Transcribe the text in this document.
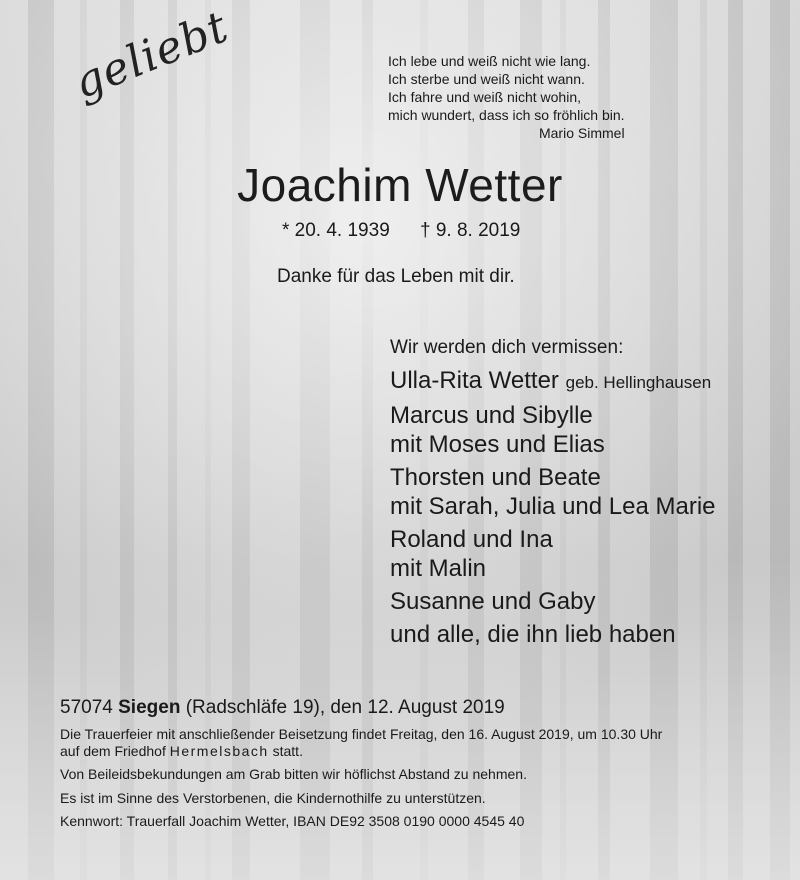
Ich lebe und weiß nicht wie lang.
Ich sterbe und weiß nicht wann.
Ich fahre und weiß nicht wohin,
mich wundert, dass ich so fröhlich bin.
Mario Simmel
geliebt
Joachim Wetter
* 20. 4. 1939 † 9. 8. 2019
Danke für das Leben mit dir.
Wir werden dich vermissen:
Ulla-Rita Wetter geb. Hellinghausen
Marcus und Sibylle
mit Moses und Elias
Thorsten und Beate
mit Sarah, Julia und Lea Marie
Roland und Ina
mit Malin
Susanne und Gaby
und alle, die ihn lieb haben
57074 Siegen (Radschläfe 19), den 12. August 2019
Die Trauerfeier mit anschließender Beisetzung findet Freitag, den 16. August 2019, um 10.30 Uhr
auf dem Friedhof Hermelsbach statt.
Von Beileidsbekundungen am Grab bitten wir höflichst Abstand zu nehmen.
Es ist im Sinne des Verstorbenen, die Kindernothilfe zu unterstützen.
Kennwort: Trauerfall Joachim Wetter, IBAN DE92 3508 0190 0000 4545 40
